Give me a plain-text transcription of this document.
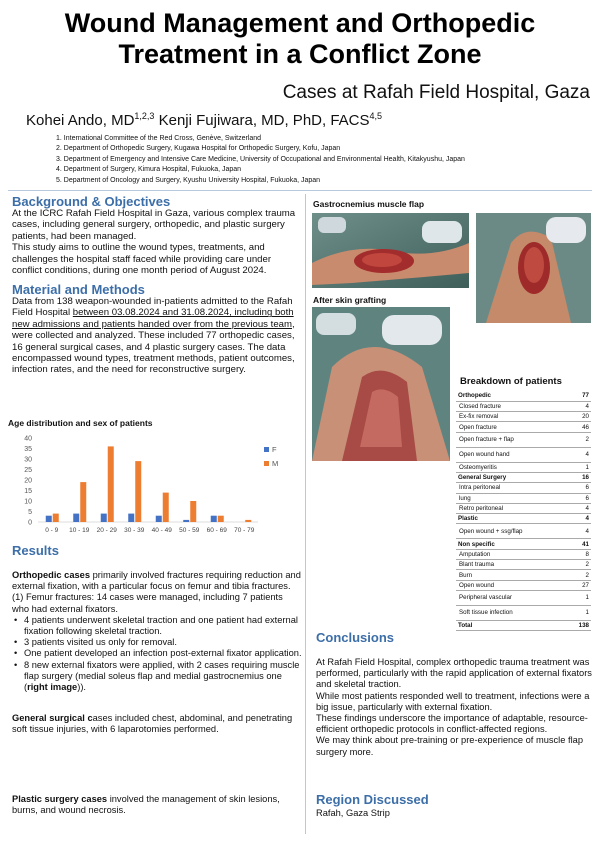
Wound Management and Orthopedic Treatment in a Conflict Zone
Cases at Rafah Field Hospital, Gaza
Kohei Ando, MD$^{1,2,3}$ Kenji Fujiwara, MD, PhD, FACS$^{4,5}$
1. International Committee of the Red Cross, Genève, Switzerland
2. Department of Orthopedic Surgery, Kugawa Hospital for Orthopedic Surgery, Kofu, Japan
3. Department of Emergency and Intensive Care Medicine, University of Occupational and Environmental Health, Kitakyushu, Japan
4. Department of Surgery, Kimura Hospital, Fukuoka, Japan
5. Department of Oncology and Surgery, Kyushu University Hospital, Fukuoka, Japan
Background & Objectives
At the ICRC Rafah Field Hospital in Gaza, various complex trauma cases, including general surgery, orthopedic, and plastic surgery patients, had been managed.
This study aims to outline the wound types, treatments, and challenges the hospital staff faced while providing care under conflict conditions, during one month period of August 2024.
Material and Methods
Data from 138 weapon-wounded in-patients admitted to the Rafah Field Hospital between 03.08.2024 and 31.08.2024, including both new admissions and patients handed over from the previous team, were collected and analyzed. These included 77 orthopedic cases, 16 general surgical cases, and 4 plastic surgery cases. The data encompassed wound types, treatment methods, patient outcomes, infection rates, and the need for reconstructive surgery.
Age distribution and sex of patients
0
5
10
15
20
25
30
35
40
0 - 9 10 - 19 20 - 29 30 - 39 40 - 49 50 - 59 60 - 69 70 - 79
F
M
Results
Orthopedic cases primarily involved fractures requiring reduction and external fixation, with a particular focus on femur and tibia fractures.
(1) Femur fractures: 14 cases were managed, including 7 patients who had external fixators.
• 4 patients underwent skeletal traction and one patient had external fixation following skeletal traction.
• 3 patients visited us only for removal.
• One patient developed an infection post-external fixator application.
• 8 new external fixators were applied, with 2 cases requiring muscle flap surgery (medial soleus flap and medial gastrocnemius one (right image)).
General surgical cases included chest, abdominal, and penetrating soft tissue injuries, with 6 laparotomies performed.
Plastic surgery cases involved the management of skin lesions, burns, and wound necrosis.
Gastrocnemius muscle flap
After skin grafting
Breakdown of patients
Orthopedic	77
Closed fracture	4
Ex-fix removal	20
Open fracture	46
Open fracture + flap	2
Open wound hand	4
Osteomyeritis	1
General Surgery	16
Intra peritoneal	6
lung	6
Retro peritoneal	4
Plastic	4
Open wound + ssg/flap	4
Non specific	41
Amputation	8
Blant trauma	2
Burn	2
Open wound	27
Peripheral vascular	1
Soft tissue infection	1
Total	138
Conclusions
At Rafah Field Hospital, complex orthopedic trauma treatment was performed, particularly with the rapid application of external fixators and skeletal traction.
While most patients responded well to treatment, infections were a big issue, particularly with external fixation.
These findings underscore the importance of adaptable, resource-efficient orthopedic protocols in conflict-affected regions.
We may think about pre-training or pre-experience of muscle flap surgery more.
Region Discussed
Rafah, Gaza Strip
